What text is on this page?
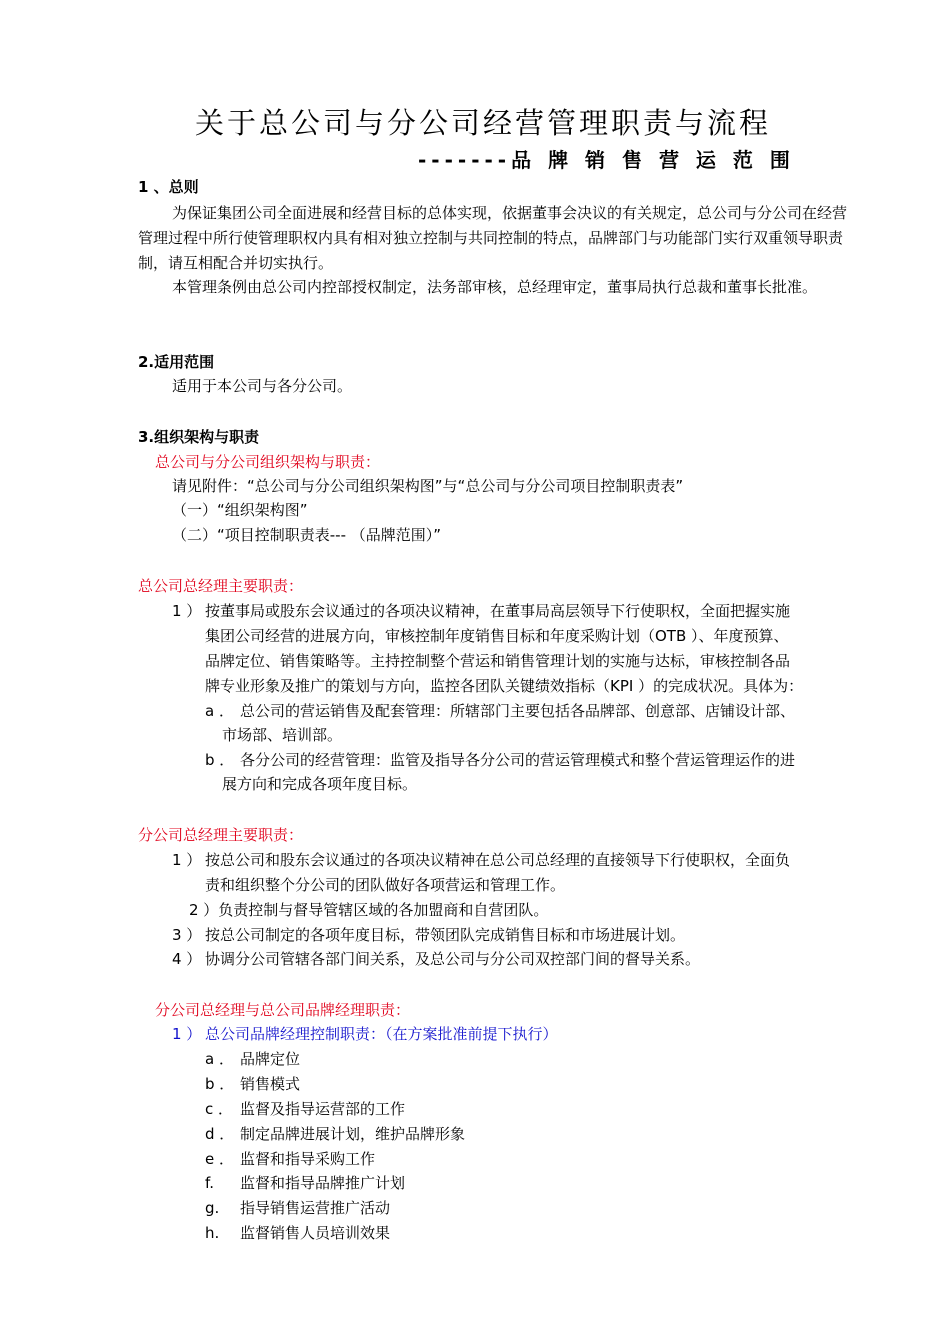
关于总公司与分公司经营管理职责与流程
-------品 牌 销 售 营 运 范 围
1 、总则
为保证集团公司全面进展和经营目标的总体实现，依据董事会决议的有关规定，总公司与分公司在经营管理过程中所行使管理职权内具有相对独立控制与共同控制的特点，品牌部门与功能部门实行双重领导职责制，请互相配合并切实执行。
本管理条例由总公司内控部授权制定，法务部审核，总经理审定，董事局执行总裁和董事长批准。
2.适用范围
适用于本公司与各分公司。
3.组织架构与职责
总公司与分公司组织架构与职责：
请见附件：“总公司与分公司组织架构图”与“总公司与分公司项目控制职责表”
（一）“组织架构图”
（二）“项目控制职责表--- （品牌范围）”
总公司总经理主要职责：
1 ） 按董事局或股东会议通过的各项决议精神，在董事局高层领导下行使职权，全面把握实施
集团公司经营的进展方向，审核控制年度销售目标和年度采购计划（OTB ）、年度预算、
品牌定位、销售策略等。主持控制整个营运和销售管理计划的实施与达标，审核控制各品
牌专业形象及推广的策划与方向，监控各团队关键绩效指标（KPI ）的完成状况。具体为：
a ． 总公司的营运销售及配套管理：所辖部门主要包括各品牌部、创意部、店铺设计部、
市场部、培训部。
b ． 各分公司的经营管理：监管及指导各分公司的营运管理模式和整个营运管理运作的进
展方向和完成各项年度目标。
分公司总经理主要职责：
1 ） 按总公司和股东会议通过的各项决议精神在总公司总经理的直接领导下行使职权，全面负
责和组织整个分公司的团队做好各项营运和管理工作。
2 ）负责控制与督导管辖区域的各加盟商和自营团队。
3 ） 按总公司制定的各项年度目标，带领团队完成销售目标和市场进展计划。
4 ） 协调分公司管辖各部门间关系，及总公司与分公司双控部门间的督导关系。
分公司总经理与总公司品牌经理职责：
1 ） 总公司品牌经理控制职责：（在方案批准前提下执行）
a ． 品牌定位
b ． 销售模式
c ． 监督及指导运营部的工作
d ． 制定品牌进展计划，维护品牌形象
e ． 监督和指导采购工作
f. 监督和指导品牌推广计划
g. 指导销售运营推广活动
h. 监督销售人员培训效果
